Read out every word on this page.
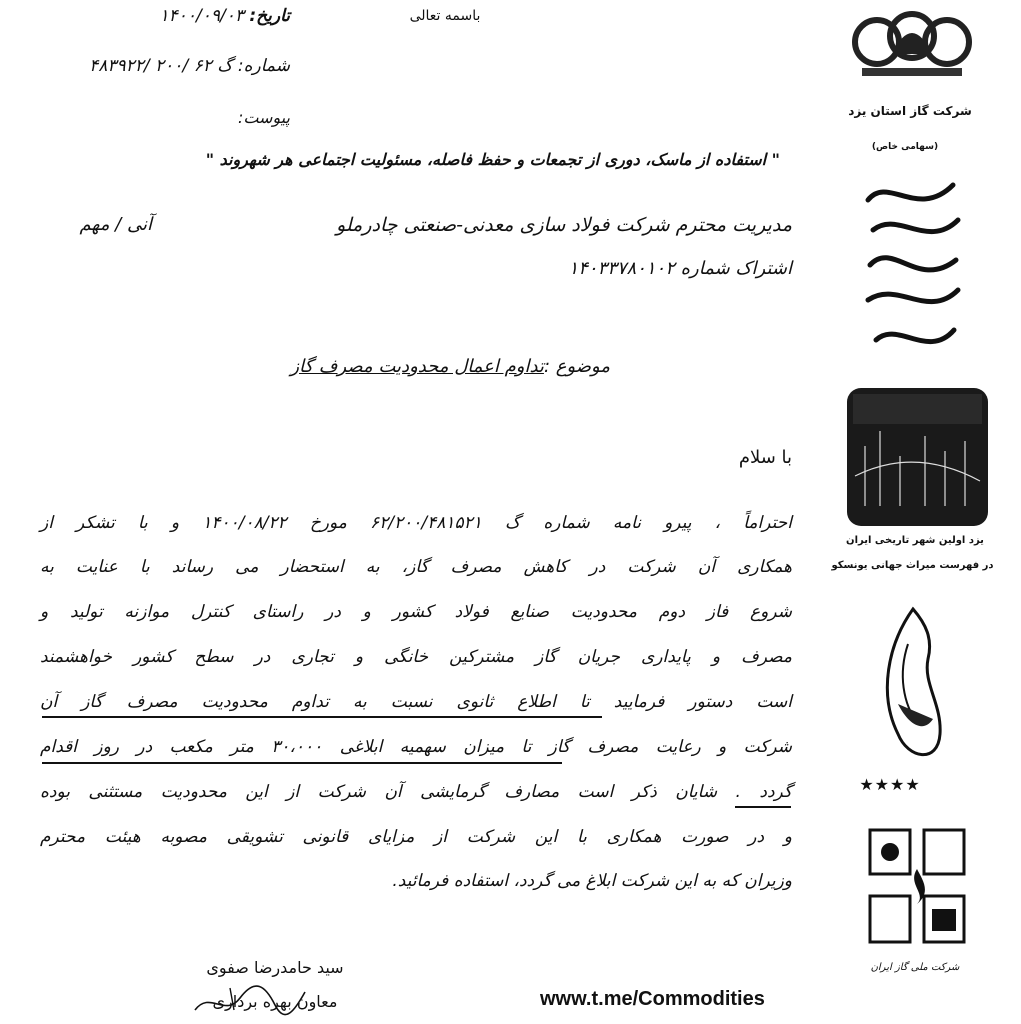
باسمه تعالی
تاریخ: ۱۴۰۰/۰۹/۰۳
شماره: گ ۶۲ /۲۰۰ /۴۸۳۹۲۲
پیوست:
" استفاده از ماسک، دوری از تجمعات و حفظ فاصله، مسئولیت اجتماعی هر شهروند "
مدیریت محترم شرکت فولاد سازی معدنی-صنعتی چادرملو
آنی / مهم
اشتراک شماره ۱۴۰۳۳۷۸۰۱۰۲
موضوع :تداوم اعمال محدودیت مصرف گاز
با سلام
احتراماً ، پیرو نامه شماره گ ۶۲/۲۰۰/۴۸۱۵۲۱ مورخ ۱۴۰۰/۰۸/۲۲ و با تشکر از
همکاری آن شرکت در کاهش مصرف گاز، به استحضار می رساند با عنایت به
شروع فاز دوم محدودیت صنایع فولاد کشور و در راستای کنترل موازنه تولید و
مصرف و پایداری جریان گاز مشترکین خانگی و تجاری در سطح کشور خواهشمند
است دستور فرمایید تا اطلاع ثانوی نسبت به تداوم محدودیت مصرف گاز آن
شرکت و رعایت مصرف گاز تا میزان سهمیه ابلاغی ۳۰،۰۰۰ متر مکعب در روز اقدام
گردد . شایان ذکر است مصارف گرمایشی آن شرکت از این محدودیت مستثنی بوده
و در صورت همکاری با این شرکت از مزایای قانونی تشویقی مصوبه هیئت محترم
وزیران که به این شرکت ابلاغ می گردد، استفاده فرمائید.
سید حامدرضا صفوی
معاون بهره برداری	www.t.me/Commodities
شرکت گاز استان یزد
(سهامی خاص)
یزد اولین شهر تاریخی ایران
در فهرست میراث جهانی یونسکو
★★★★
شرکت ملی گاز ایران
